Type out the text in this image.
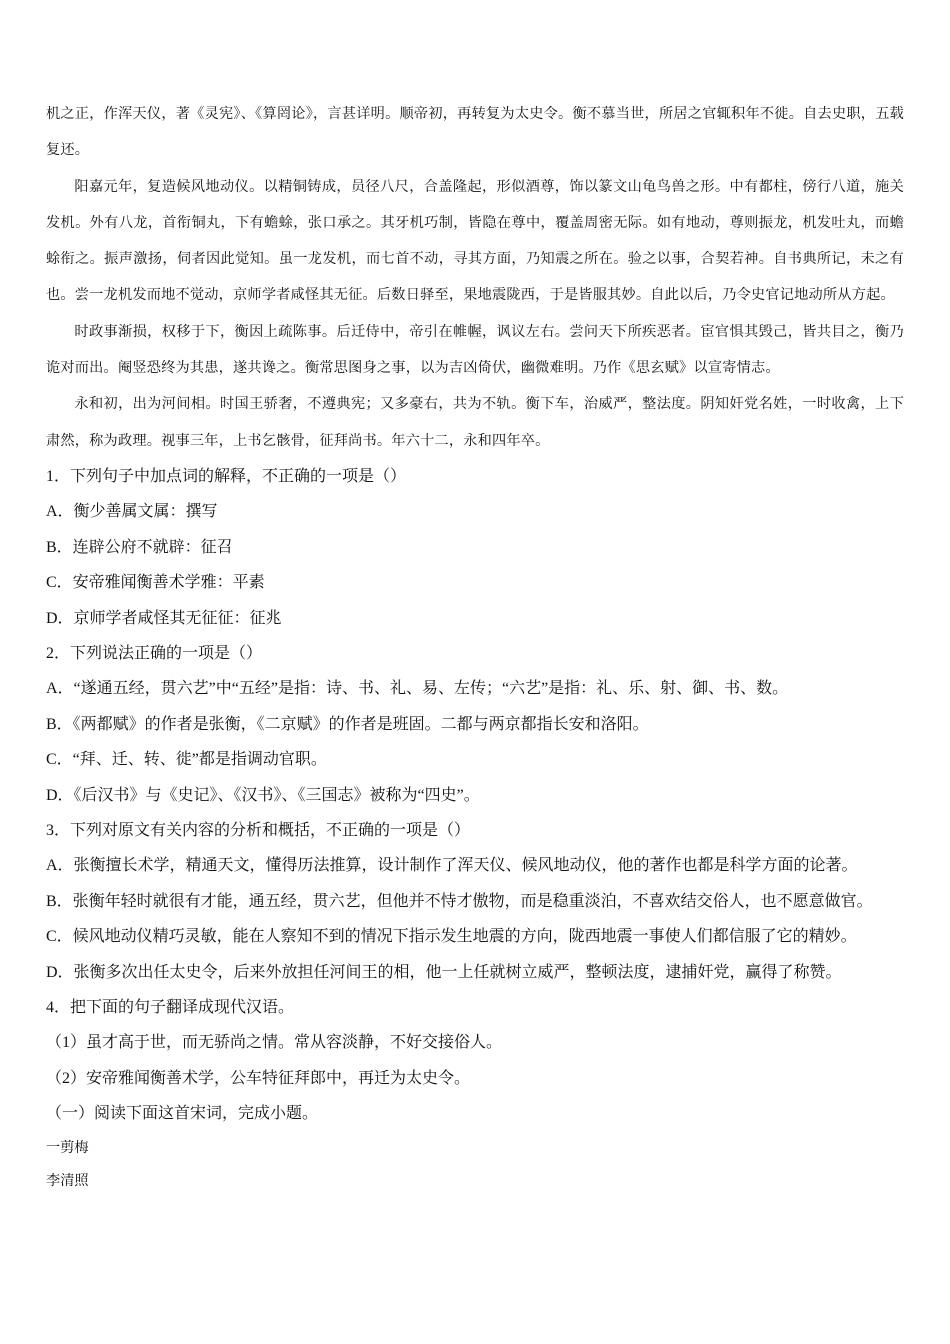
机之正，作浑天仪，著《灵宪》、《算罔论》，言甚详明。顺帝初，再转复为太史令。衡不慕当世，所居之官辄积年不徙。自去史职，五载复还。

阳嘉元年，复造候风地动仪。以精铜铸成，员径八尺，合盖隆起，形似酒尊，饰以篆文山龟鸟兽之形。中有都柱，傍行八道，施关发机。外有八龙，首衔铜丸，下有蟾蜍，张口承之。其牙机巧制，皆隐在尊中，覆盖周密无际。如有地动，尊则振龙，机发吐丸，而蟾蜍衔之。振声激扬，伺者因此觉知。虽一龙发机，而七首不动，寻其方面，乃知震之所在。验之以事，合契若神。自书典所记，未之有也。尝一龙机发而地不觉动，京师学者咸怪其无征。后数日驿至，果地震陇西，于是皆服其妙。自此以后，乃令史官记地动所从方起。

时政事渐损，权移于下，衡因上疏陈事。后迁侍中，帝引在帷幄，讽议左右。尝问天下所疾恶者。宦官惧其毁己，皆共目之，衡乃诡对而出。阉竖恐终为其患，遂共谗之。衡常思图身之事，以为吉凶倚伏，幽微难明。乃作《思玄赋》以宣寄情志。

永和初，出为河间相。时国王骄奢，不遵典宪；又多豪右，共为不轨。衡下车，治威严，整法度。阴知奸党名姓，一时收禽，上下肃然，称为政理。视事三年，上书乞骸骨，征拜尚书。年六十二，永和四年卒。

1．下列句子中加点词的解释，不正确的一项是（）

A．衡少善属文属：撰写

B．连辟公府不就辟：征召

C．安帝雅闻衡善术学雅：平素

D．京师学者咸怪其无征征：征兆

2．下列说法正确的一项是（）

A．“遂通五经，贯六艺”中“五经”是指：诗、书、礼、易、左传；“六艺”是指：礼、乐、射、御、书、数。

B．《两都赋》的作者是张衡，《二京赋》的作者是班固。二都与两京都指长安和洛阳。

C．“拜、迁、转、徙”都是指调动官职。

D．《后汉书》与《史记》、《汉书》、《三国志》被称为“四史”。

3．下列对原文有关内容的分析和概括，不正确的一项是（）

A．张衡擅长术学，精通天文，懂得历法推算，设计制作了浑天仪、候风地动仪，他的著作也都是科学方面的论著。

B．张衡年轻时就很有才能，通五经，贯六艺，但他并不恃才傲物，而是稳重淡泊，不喜欢结交俗人，也不愿意做官。

C．候风地动仪精巧灵敏，能在人察知不到的情况下指示发生地震的方向，陇西地震一事使人们都信服了它的精妙。

D．张衡多次出任太史令，后来外放担任河间王的相，他一上任就树立威严，整顿法度，逮捕奸党，赢得了称赞。

4．把下面的句子翻译成现代汉语。

（1）虽才高于世，而无骄尚之情。常从容淡静，不好交接俗人。

（2）安帝雅闻衡善术学，公车特征拜郎中，再迁为太史令。

（一）阅读下面这首宋词，完成小题。

一剪梅

李清照
